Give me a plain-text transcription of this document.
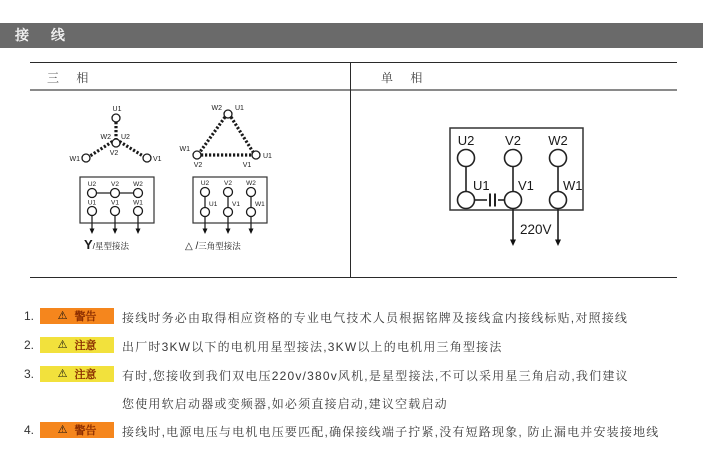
接 线
三 相	单 相
U1
W2 U2
V2
W1	V1
W2 U1
W1
V2	V1
U1
U2 V2 W2
U1 V1 W1
Y/星型接法
U2 V2 W2
U1 V1 W1
△ /三角型接法
U2 V2 W2
U1 V1 W1
220V
1. ⚠ 警告 接线时务必由取得相应资格的专业电气技术人员根据铭牌及接线盒内接线标贴,对照接线
2. ⚠ 注意 出厂时3KW以下的电机用星型接法,3KW以上的电机用三角型接法
3. ⚠ 注意 有时,您接收到我们双电压220v/380v风机,是星型接法,不可以采用星三角启动,我们建议
您使用软启动器或变频器,如必须直接启动,建议空载启动
4. ⚠ 警告 接线时,电源电压与电机电压要匹配,确保接线端子拧紧,没有短路现象, 防止漏电并安装接地线
